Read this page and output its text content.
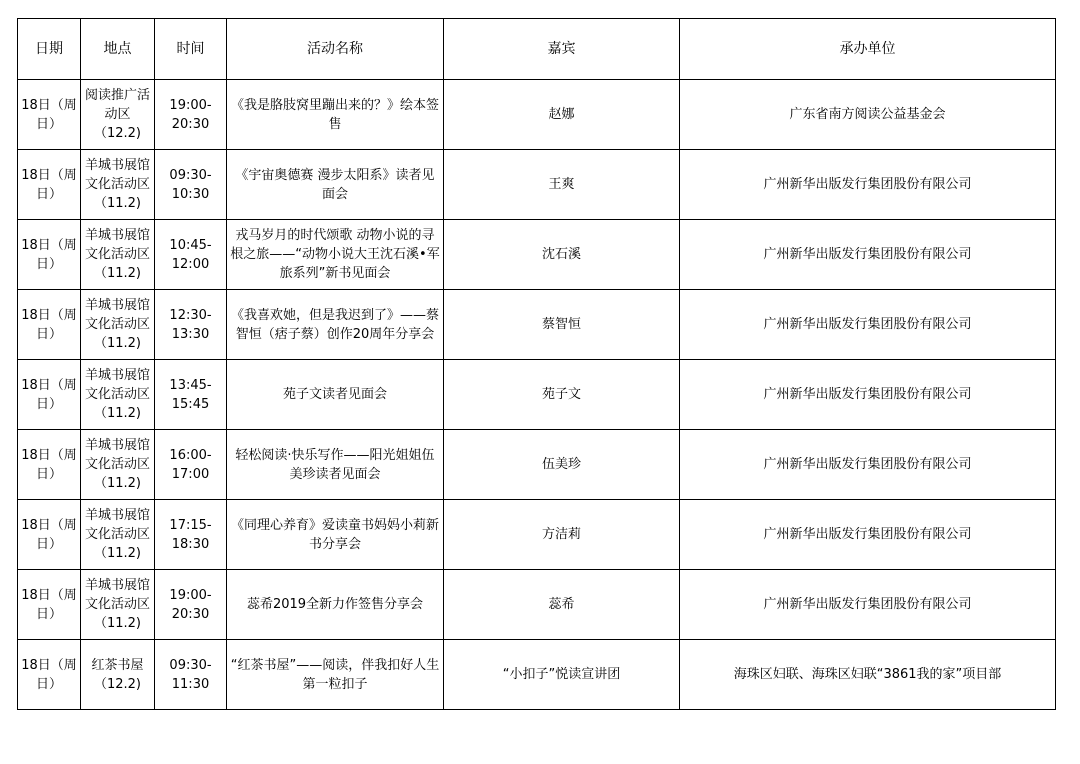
日期	地点	时间	活动名称	嘉宾	承办单位
18日（周日）	阅读推广活动区（12.2)	19:00-20:30	《我是胳肢窝里蹦出来的？》绘本签售	赵娜	广东省南方阅读公益基金会
18日（周日）	羊城书展馆文化活动区（11.2)	09:30-10:30	《宇宙奥德赛 漫步太阳系》读者见面会	王爽	广州新华出版发行集团股份有限公司
18日（周日）	羊城书展馆文化活动区（11.2)	10:45-12:00	戎马岁月的时代颂歌 动物小说的寻根之旅——“动物小说大王沈石溪•军旅系列”新书见面会	沈石溪	广州新华出版发行集团股份有限公司
18日（周日）	羊城书展馆文化活动区（11.2)	12:30-13:30	《我喜欢她，但是我迟到了》——蔡智恒（痞子蔡）创作20周年分享会	蔡智恒	广州新华出版发行集团股份有限公司
18日（周日）	羊城书展馆文化活动区（11.2)	13:45-15:45	苑子文读者见面会	苑子文	广州新华出版发行集团股份有限公司
18日（周日）	羊城书展馆文化活动区（11.2)	16:00-17:00	轻松阅读·快乐写作——阳光姐姐伍美珍读者见面会	伍美珍	广州新华出版发行集团股份有限公司
18日（周日）	羊城书展馆文化活动区（11.2)	17:15-18:30	《同理心养育》爱读童书妈妈小莉新书分享会	方洁莉	广州新华出版发行集团股份有限公司
18日（周日）	羊城书展馆文化活动区（11.2)	19:00-20:30	蕊希2019全新力作签售分享会	蕊希	广州新华出版发行集团股份有限公司
18日（周日）	红茶书屋（12.2)	09:30-11:30	“红茶书屋”——阅读，伴我扣好人生第一粒扣子	“小扣子”悦读宣讲团	海珠区妇联、海珠区妇联“3861我的家”项目部
